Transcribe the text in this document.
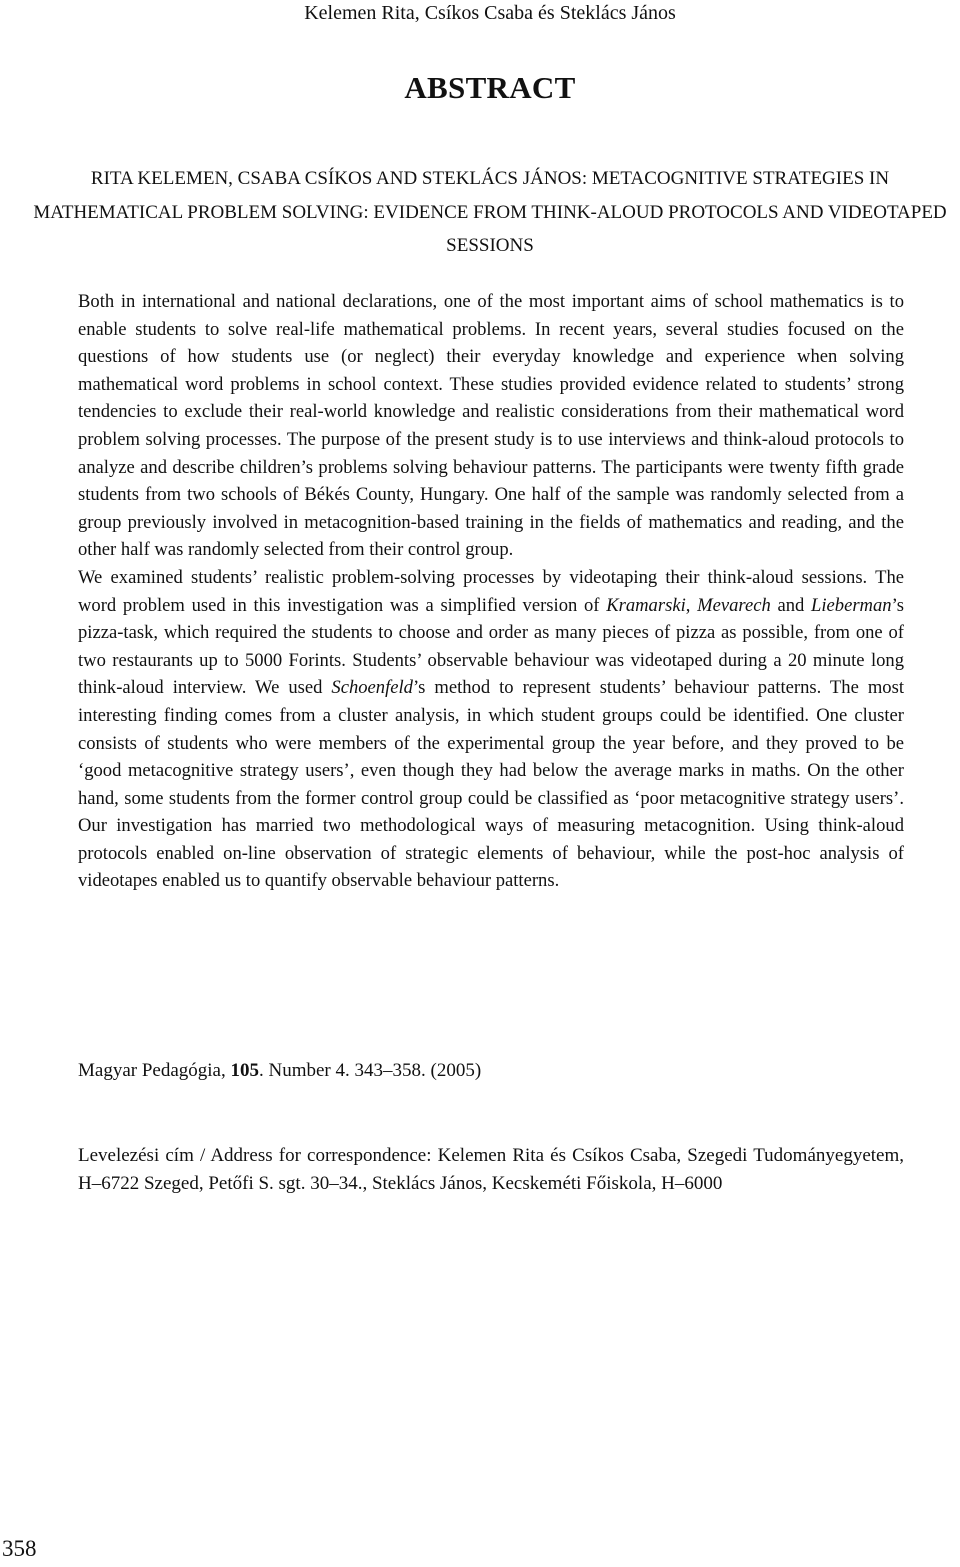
Kelemen Rita, Csíkos Csaba és Steklács János
ABSTRACT
RITA KELEMEN, CSABA CSÍKOS AND STEKLÁCS JÁNOS: METACOGNITIVE STRATEGIES IN MATHEMATICAL PROBLEM SOLVING: EVIDENCE FROM THINK-ALOUD PROTOCOLS AND VIDEOTAPED SESSIONS

Both in international and national declarations, one of the most important aims of school mathematics is to enable students to solve real-life mathematical problems. In recent years, several studies focused on the questions of how students use (or neglect) their everyday knowledge and experience when solving mathematical word problems in school context. These studies provided evidence related to students’ strong tendencies to exclude their real-world knowledge and realistic considerations from their mathematical word problem solving processes. The purpose of the present study is to use interviews and think-aloud protocols to analyze and describe children’s problems solving behaviour patterns. The participants were twenty fifth grade students from two schools of Békés County, Hungary. One half of the sample was randomly selected from a group previously involved in metacognition-based training in the fields of mathematics and reading, and the other half was randomly selected from their control group.

We examined students’ realistic problem-solving processes by videotaping their think-aloud sessions. The word problem used in this investigation was a simplified version of Kramarski, Mevarech and Lieberman’s pizza-task, which required the students to choose and order as many pieces of pizza as possible, from one of two restaurants up to 5000 Forints. Students’ observable behaviour was videotaped during a 20 minute long think-aloud interview. We used Schoenfeld’s method to represent students’ behaviour patterns. The most interesting finding comes from a cluster analysis, in which student groups could be identified. One cluster consists of students who were members of the experimental group the year before, and they proved to be ‘good metacognitive strategy users’, even though they had below the average marks in maths. On the other hand, some students from the former control group could be classified as ‘poor metacognitive strategy users’. Our investigation has married two methodological ways of measuring metacognition. Using think-aloud protocols enabled on-line observation of strategic elements of behaviour, while the post-hoc analysis of videotapes enabled us to quantify observable behaviour patterns.

Magyar Pedagógia, 105. Number 4. 343–358. (2005)
Levelezési cím / Address for correspondence: Kelemen Rita és Csíkos Csaba, Szegedi Tudományegyetem, H–6722 Szeged, Petőfi S. sgt. 30–34., Steklács János, Kecskeméti Főiskola, H–6000
358
